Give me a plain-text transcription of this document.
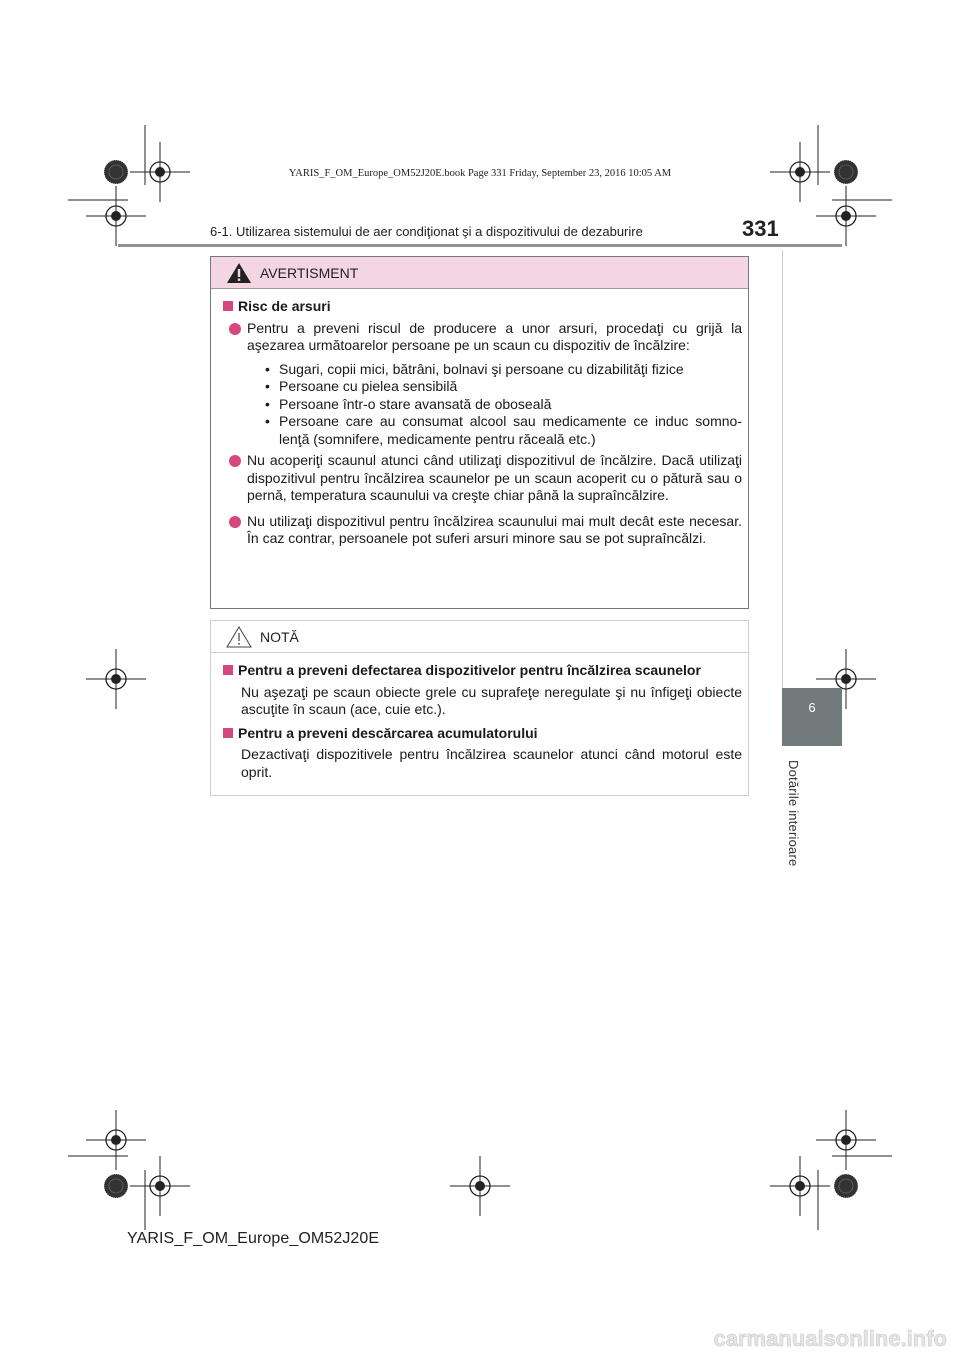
YARIS_F_OM_Europe_OM52J20E.book Page 331 Friday, September 23, 2016 10:05 AM
6-1. Utilizarea sistemului de aer condiţionat şi a dispozitivului de dezaburire	331
6
Dotările interioare
AVERTISMENT
Risc de arsuri
Pentru a preveni riscul de producere a unor arsuri, procedaţi cu grijă la aşezarea următoarelor persoane pe un scaun cu dispozitiv de încălzire:
• Sugari, copii mici, bătrâni, bolnavi şi persoane cu dizabilităţi fizice
• Persoane cu pielea sensibilă
• Persoane într-o stare avansată de oboseală
• Persoane care au consumat alcool sau medicamente ce induc somno- lenţă (somnifere, medicamente pentru răceală etc.)
Nu acoperiţi scaunul atunci când utilizaţi dispozitivul de încălzire. Dacă utilizaţi dispozitivul pentru încălzirea scaunelor pe un scaun acoperit cu o pătură sau o pernă, temperatura scaunului va creşte chiar până la supraîncălzire.
Nu utilizaţi dispozitivul pentru încălzirea scaunului mai mult decât este necesar. În caz contrar, persoanele pot suferi arsuri minore sau se pot supraîncălzi.
NOTĂ
Pentru a preveni defectarea dispozitivelor pentru încălzirea scaunelor
Nu aşezaţi pe scaun obiecte grele cu suprafeţe neregulate şi nu înfigeţi obiecte ascuţite în scaun (ace, cuie etc.).
Pentru a preveni descărcarea acumulatorului
Dezactivaţi dispozitivele pentru încălzirea scaunelor atunci când motorul este oprit.
YARIS_F_OM_Europe_OM52J20E
carmanualsonline.info
